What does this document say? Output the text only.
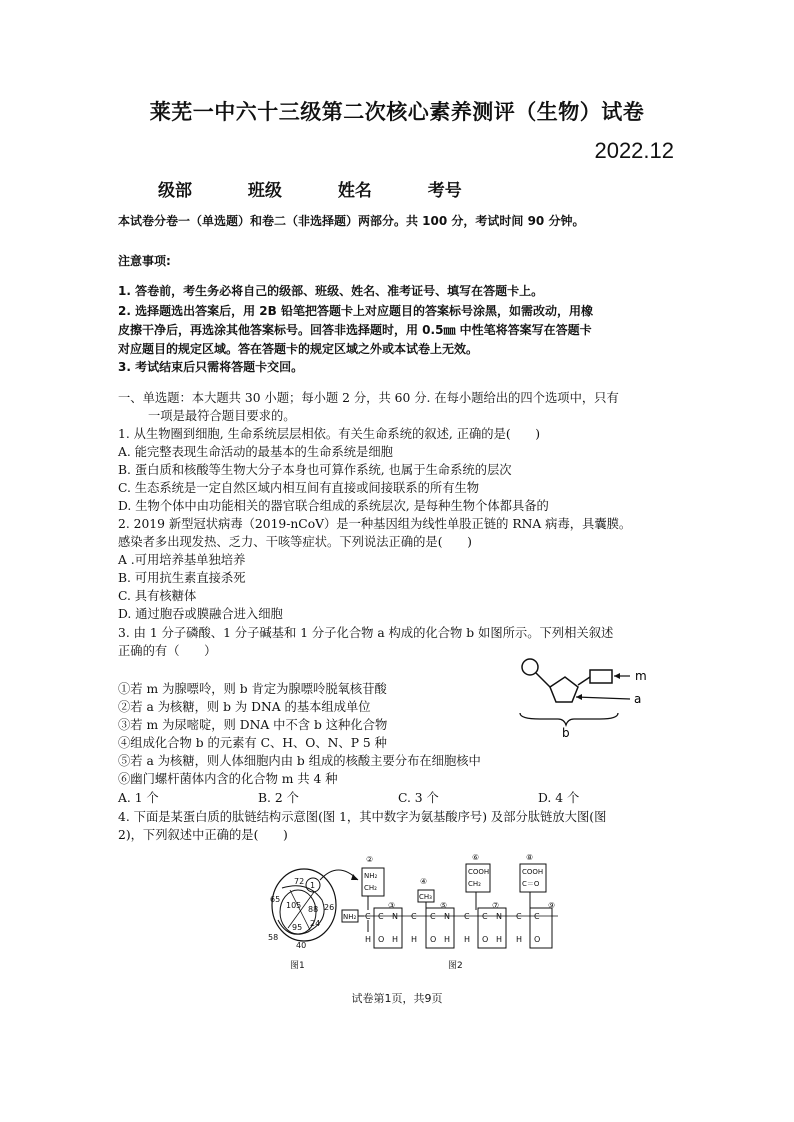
莱芜一中六十三级第二次核心素养测评（生物）试卷
2022.12
级部	班级	姓名	考号
本试卷分卷一（单选题）和卷二（非选择题）两部分。共 100 分，考试时间 90 分钟。
注意事项:
1. 答卷前，考生务必将自己的级部、班级、姓名、准考证号、填写在答题卡上。
2. 选择题选出答案后，用 2B 铅笔把答题卡上对应题目的答案标号涂黑，如需改动，用橡
皮擦干净后，再选涂其他答案标号。回答非选择题时，用 0.5㎜ 中性笔将答案写在答题卡
对应题目的规定区域。答在答题卡的规定区域之外或本试卷上无效。
3. 考试结束后只需将答题卡交回。
一、单选题：本大题共 30 小题；每小题 2 分，共 60 分. 在每小题给出的四个选项中，只有
一项是最符合题目要求的。
1. 从生物圈到细胞, 生命系统层层相依。有关生命系统的叙述, 正确的是(　　)
A. 能完整表现生命活动的最基本的生命系统是细胞
B. 蛋白质和核酸等生物大分子本身也可算作系统, 也属于生命系统的层次
C. 生态系统是一定自然区域内相互间有直接或间接联系的所有生物
D. 生物个体中由功能相关的器官联合组成的系统层次, 是每种生物个体都具备的
2. 2019 新型冠状病毒（2019-nCoV）是一种基因组为线性单股正链的 RNA 病毒，具囊膜。
感染者多出现发热、乏力、干咳等症状。下列说法正确的是(　　)
A .可用培养基单独培养
B. 可用抗生素直接杀死
C. 具有核糖体
D. 通过胞吞或膜融合进入细胞
3. 由 1 分子磷酸、1 分子碱基和 1 分子化合物 a 构成的化合物 b 如图所示。下列相关叙述
正确的有（　　）
①若 m 为腺嘌呤，则 b 肯定为腺嘌呤脱氧核苷酸
②若 a 为核糖，则 b 为 DNA 的基本组成单位
③若 m 为尿嘧啶，则 DNA 中不含 b 这种化合物
④组成化合物 b 的元素有 C、H、O、N、P 5 种
⑤若 a 为核糖，则人体细胞内由 b 组成的核酸主要分布在细胞核中
⑥幽门螺杆菌体内含的化合物 m 共 4 种
A. 1 个	B. 2 个	C. 3 个	D. 4 个
m
a
b
4. 下面是某蛋白质的肽链结构示意图(图 1，其中数字为氨基酸序号) 及部分肽链放大图(图
2)，下列叙述中正确的是(　　)
1
72
65
105
95
58
40
88 26
24
图1
NH₂ C
NH₂
CH₂
②
H
C
O
N
H
③
CH₃
④
C
H
C
O
N
H
⑤
COOH
CH₂
⑥
C
H
C
O
N
H
⑦
COOH
C＝O
⑧
C
H
C
O
⑨
图2
试卷第1页，共9页
